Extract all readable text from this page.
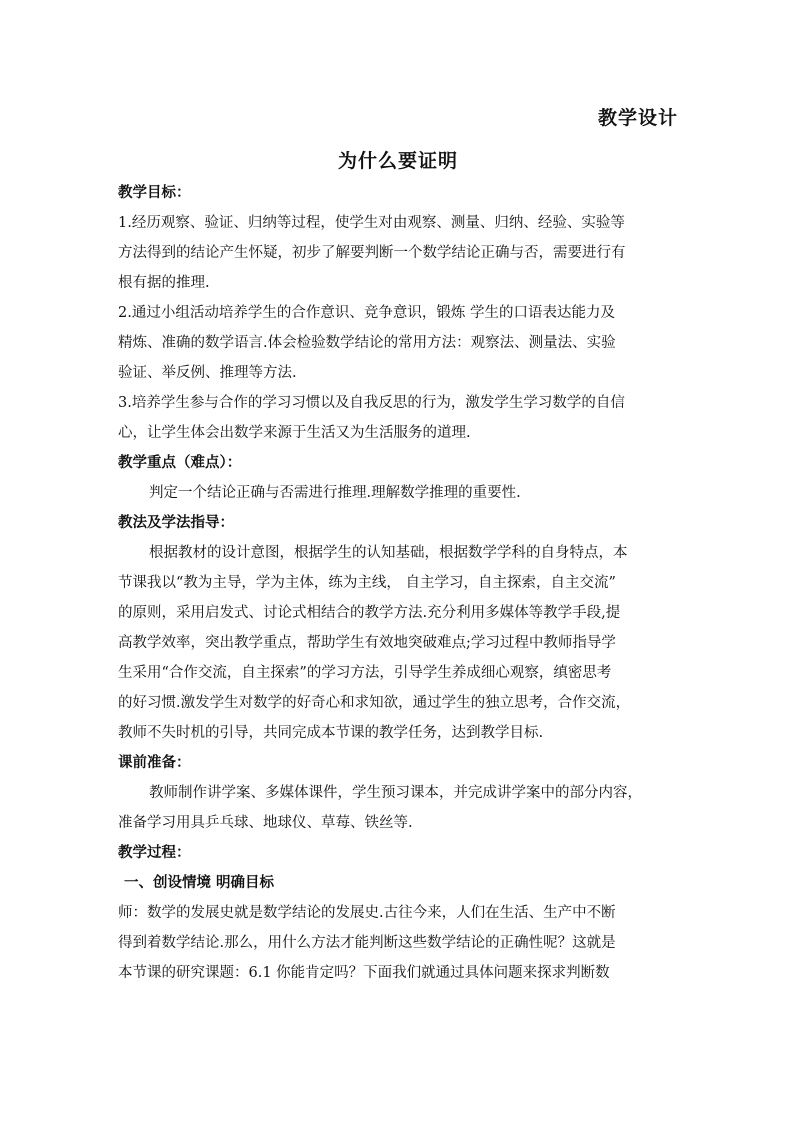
教学设计
为什么要证明
教学目标：
1.经历观察、验证、归纳等过程，使学生对由观察、测量、归纳、经验、实验等
方法得到的结论产生怀疑，初步了解要判断一个数学结论正确与否，需要进行有
根有据的推理.
2.通过小组活动培养学生的合作意识、竞争意识，锻炼 学生的口语表达能力及
精炼、准确的数学语言.体会检验数学结论的常用方法：观察法、测量法、实验
验证、举反例、推理等方法.
3.培养学生参与合作的学习习惯以及自我反思的行为，激发学生学习数学的自信
心，让学生体会出数学来源于生活又为生活服务的道理.
教学重点（难点）：
判定一个结论正确与否需进行推理.理解数学推理的重要性.
教法及学法指导：
根据教材的设计意图，根据学生的认知基础，根据数学学科的自身特点，本
节课我以“教为主导，学为主体，练为主线， 自主学习，自主探索，自主交流”
的原则，采用启发式、讨论式相结合的教学方法.充分利用多媒体等教学手段,提
高教学效率，突出教学重点，帮助学生有效地突破难点;学习过程中教师指导学
生采用“合作交流，自主探索”的学习方法，引导学生养成细心观察，缜密思考
的好习惯.激发学生对数学的好奇心和求知欲，通过学生的独立思考，合作交流，
教师不失时机的引导，共同完成本节课的教学任务，达到教学目标.
课前准备：
教师制作讲学案、多媒体课件，学生预习课本，并完成讲学案中的部分内容，
准备学习用具乒乓球、地球仪、草莓、铁丝等.
教学过程：
一、创设情境 明确目标
师：数学的发展史就是数学结论的发展史.古往今来，人们在生活、生产中不断
得到着数学结论.那么，用什么方法才能判断这些数学结论的正确性呢？这就是
本节课的研究课题：6.1 你能肯定吗？下面我们就通过具体问题来探求判断数
